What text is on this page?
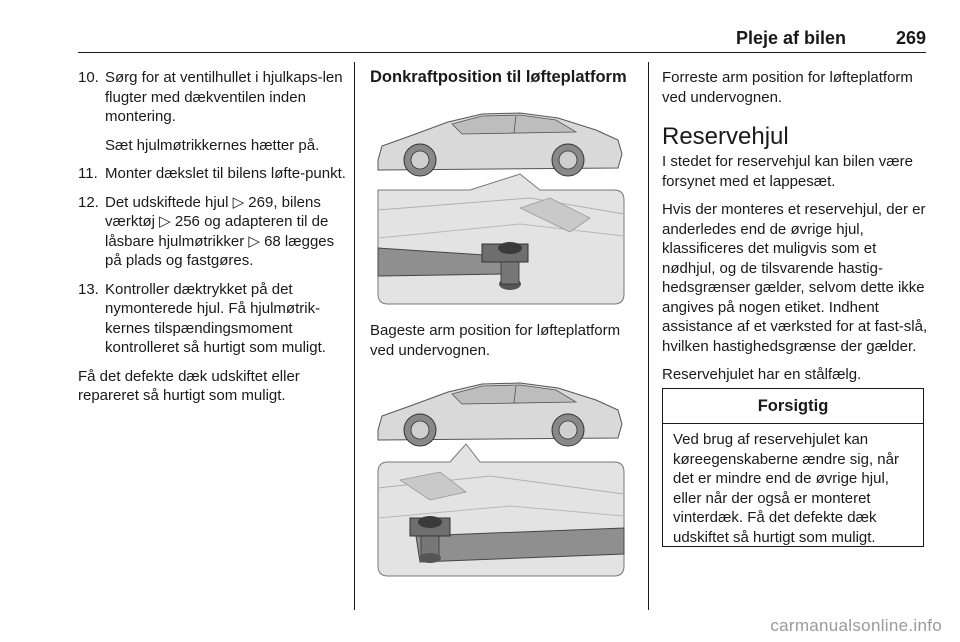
Pleje af bilen	269

10. Sørg for at ventilhullet i hjulkaps-len flugter med dækventilen inden montering.

Sæt hjulmøtrikkernes hætter på.

11. Monter dækslet til bilens løfte-punkt.

12. Det udskiftede hjul ▷ 269, bilens værktøj ▷ 256 og adapteren til de låsbare hjulmøtrikker ▷ 68 lægges på plads og fastgøres.

13. Kontroller dæktrykket på det nymonterede hjul. Få hjulmøtrik-kernes tilspændingsmoment kontrolleret så hurtigt som muligt.

Få det defekte dæk udskiftet eller repareret så hurtigt som muligt.

Donkraftposition til løfteplatform

Bageste arm position for løfteplatform ved undervognen.

Forreste arm position for løfteplatform ved undervognen.

Reservehjul

I stedet for reservehjul kan bilen være forsynet med et lappesæt.

Hvis der monteres et reservehjul, der er anderledes end de øvrige hjul, klassificeres det muligvis som et nødhjul, og de tilsvarende hastig-hedsgrænser gælder, selvom dette ikke angives på nogen etiket. Indhent assistance af et værksted for at fast-slå, hvilken hastighedsgrænse der gælder.

Reservehjulet har en stålfælg.

Forsigtig
Ved brug af reservehjulet kan køreegenskaberne ændre sig, når det er mindre end de øvrige hjul, eller når der også er monteret vinterdæk. Få det defekte dæk udskiftet så hurtigt som muligt.
carmanualsonline.info
